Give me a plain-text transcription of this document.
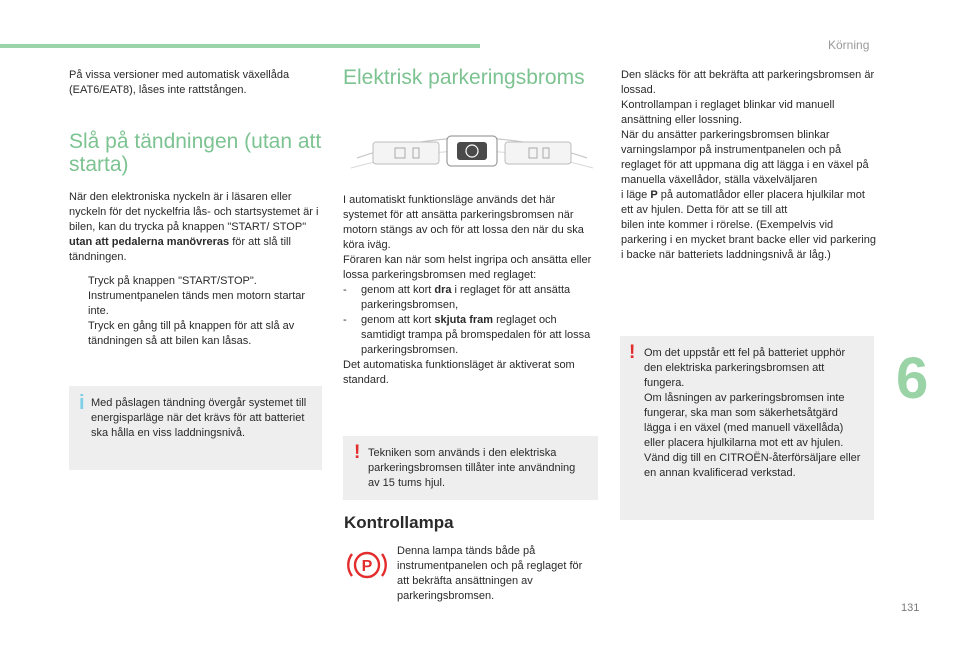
Körning
6
131

På vissa versioner med automatisk växellåda (EAT6/EAT8), låses inte rattstången.

Slå på tändningen (utan att starta)

När den elektroniska nyckeln är i läsaren eller nyckeln för det nyckelfria lås- och startsystemet är i bilen, kan du trycka på knappen "START/ STOP" utan att pedalerna manövreras för att slå till tändningen.

Tryck på knappen "START/STOP". Instrumentpanelen tänds men motorn startar inte.
Tryck en gång till på knappen för att slå av tändningen så att bilen kan låsas.
i Med påslagen tändning övergår systemet till energisparläge när det krävs för att batteriet ska hålla en viss laddningsnivå.
Elektrisk parkeringsbroms

I automatiskt funktionsläge används det här systemet för att ansätta parkeringsbromsen när motorn stängs av och för att lossa den när du ska köra iväg.

Föraren kan när som helst ingripa och ansätta eller lossa parkeringsbromsen med reglaget:

- genom att kort dra i reglaget för att ansätta parkeringsbromsen,
- genom att kort skjuta fram reglaget och samtidigt trampa på bromspedalen för att lossa parkeringsbromsen.

Det automatiska funktionsläget är aktiverat som standard.

! Tekniken som används i den elektriska parkeringsbromsen tillåter inte användning av 15 tums hjul.
Kontrollampa
P
Denna lampa tänds både på instrumentpanelen och på reglaget för att bekräfta ansättningen av parkeringsbromsen.
Den släcks för att bekräfta att parkeringsbromsen är lossad.
Kontrollampan i reglaget blinkar vid manuell ansättning eller lossning.
När du ansätter parkeringsbromsen blinkar varningslampor på instrumentpanelen och på reglaget för att uppmana dig att lägga i en växel på manuella växellådor, ställa växelväljaren
i läge P på automatlådor eller placera hjulkilar mot ett av hjulen. Detta för att se till att
bilen inte kommer i rörelse. (Exempelvis vid parkering i en mycket brant backe eller vid parkering i backe när batteriets laddningsnivå är låg.)
! Om det uppstår ett fel på batteriet upphör den elektriska parkeringsbromsen att fungera.
Om låsningen av parkeringsbromsen inte fungerar, ska man som säkerhetsåtgärd lägga i en växel (med manuell växellåda) eller placera hjulkilarna mot ett av hjulen. Vänd dig till en CITROËN-återförsäljare eller en annan kvalificerad verkstad.
